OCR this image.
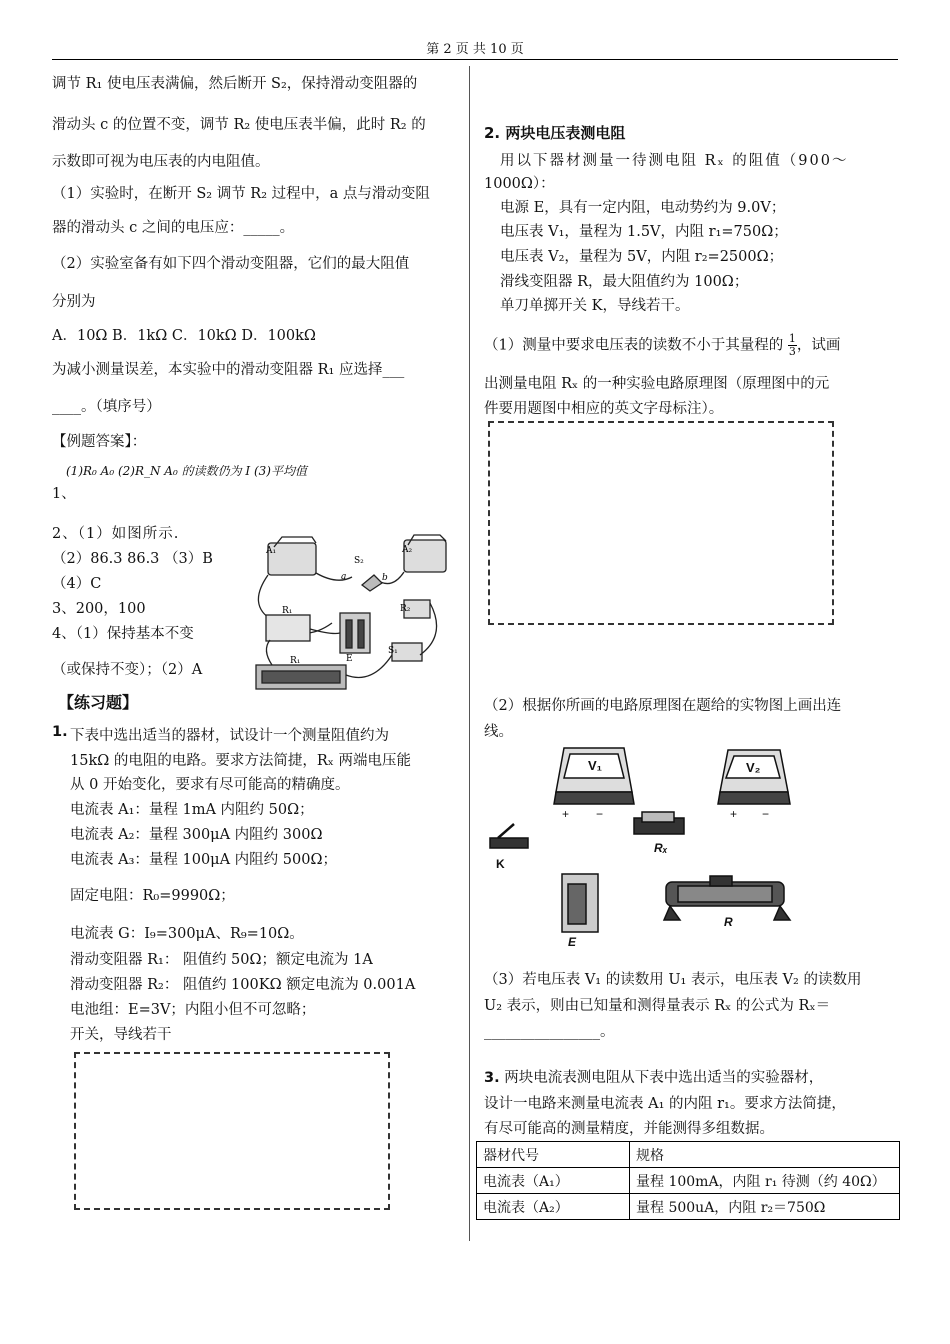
第 2 页 共 10 页
调节 R₁ 使电压表满偏，然后断开 S₂，保持滑动变阻器的
滑动头 c 的位置不变，调节 R₂ 使电压表半偏，此时 R₂ 的
示数即可视为电压表的内电阻值。
（1）实验时，在断开 S₂ 调节 R₂ 过程中，a 点与滑动变阻
器的滑动头 c 之间的电压应：_____。
（2）实验室备有如下四个滑动变阻器，它们的最大阻值
分别为
A．10Ω B．1kΩ C．10kΩ D．100kΩ
为减小测量误差，本实验中的滑动变阻器 R₁ 应选择___
____。（填序号）
【例题答案】：
(1)R₀ A₀ (2)R_N A₀ 的读数仍为 I (3)平均值
1、
2、（1）如图所示.
（2）86.3 86.3 （3）B
（4）C
3、200，100
4、（1）保持基本不变
（或保持不变）；（2）A
A₁	A₂
S₂
a	b
R₁	R₂
E
S₁
R₁
【练习题】
1. 下表中选出适当的器材，试设计一个测量阻值约为
15kΩ 的电阻的电路。要求方法简捷，Rₓ 两端电压能
从 0 开始变化，要求有尽可能高的精确度。
电流表 A₁：量程 1mA 内阻约 50Ω；
电流表 A₂：量程 300μA 内阻约 300Ω
电流表 A₃：量程 100μA 内阻约 500Ω；
固定电阻：R₀=9990Ω；
电流表 G：I₉=300μA、R₉=10Ω。
滑动变阻器 R₁： 阻值约 50Ω；额定电流为 1A
滑动变阻器 R₂： 阻值约 100KΩ 额定电流为 0.001A
电池组：E=3V；内阻小但不可忽略；
开关，导线若干
2. 两块电压表测电阻
用以下器材测量一待测电阻 Rₓ 的阻值（900～
1000Ω）：
电源 E，具有一定内阻，电动势约为 9.0V；
电压表 V₁，量程为 1.5V，内阻 r₁=750Ω；
电压表 V₂，量程为 5V，内阻 r₂=2500Ω；
滑线变阻器 R，最大阻值约为 100Ω；
单刀单掷开关 K，导线若干。
（1）测量中要求电压表的读数不小于其量程的 $\frac{1}{3}$ ，试画
出测量电阻 Rₓ 的一种实验电路原理图（原理图中的元
件要用题图中相应的英文字母标注）。
（2）根据你所画的电路原理图在题给的实物图上画出连
线。
V₁	V₂
+ −	+ −
Rₓ
K
E
R
（3）若电压表 V₁ 的读数用 U₁ 表示，电压表 V₂ 的读数用
U₂ 表示，则由已知量和测得量表示 Rₓ 的公式为 Rₓ＝
________________。
3. 两块电流表测电阻从下表中选出适当的实验器材，
设计一电路来测量电流表 A₁ 的内阻 r₁。要求方法简捷，
有尽可能高的测量精度，并能测得多组数据。
器材代号	规格
电流表（A₁）	量程 100mA，内阻 r₁ 待测（约 40Ω）
电流表（A₂）	量程 500uA，内阻 r₂＝750Ω
